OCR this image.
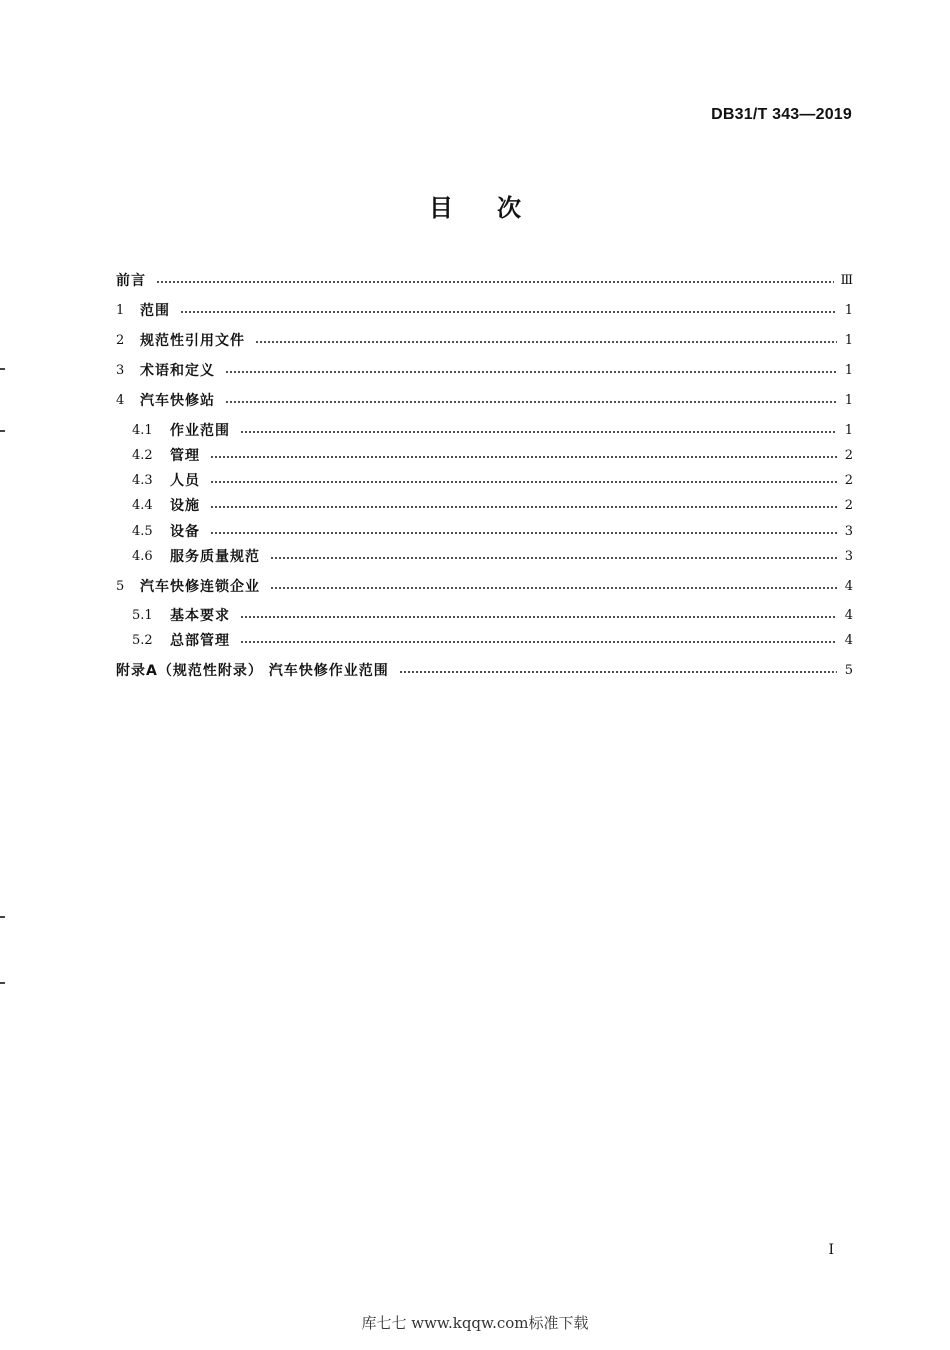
DB31/T 343—2019
目次
前言	Ⅲ
1	范围	1
2	规范性引用文件	1
3	术语和定义	1
4	汽车快修站	1
4.1	作业范围	1
4.2	管理	2
4.3	人员	2
4.4	设施	2
4.5	设备	3
4.6	服务质量规范	3
5	汽车快修连锁企业	4
5.1	基本要求	4
5.2	总部管理	4
附录A（规范性附录） 汽车快修作业范围	5
I
库七七 www.kqqw.com标准下载
